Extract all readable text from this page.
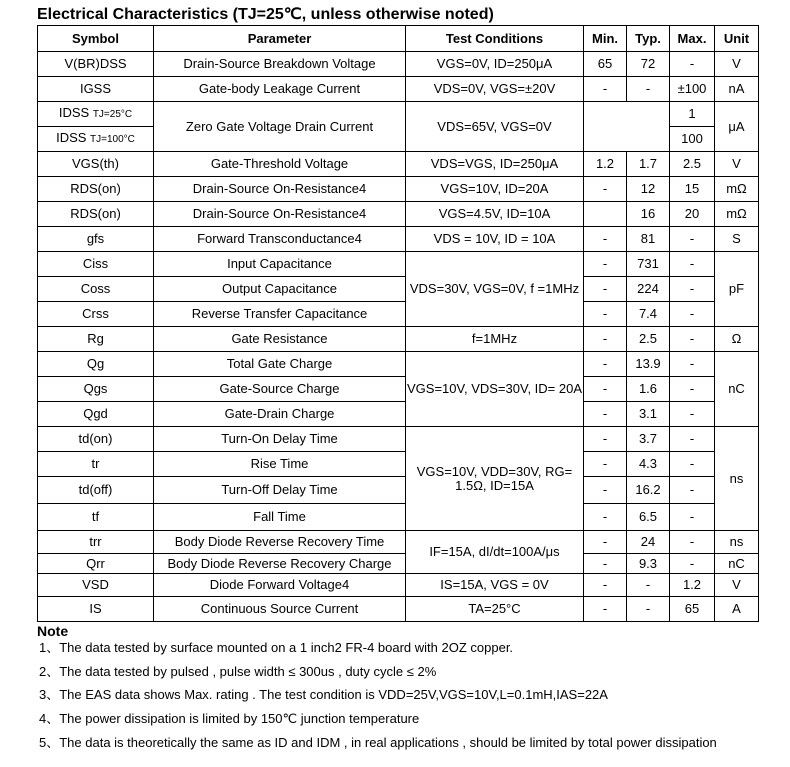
Electrical Characteristics (TJ=25℃, unless otherwise noted)
Symbol	Parameter	Test Conditions	Min.	Typ.	Max.	Unit
V(BR)DSS	Drain-Source Breakdown Voltage	VGS=0V, ID=250μA	65	72	-	V
IGSS	Gate-body Leakage Current	VDS=0V, VGS=±20V	-	-	±100	nA
IDSS TJ=25°C	Zero Gate Voltage Drain Current	VDS=65V, VGS=0V			1	μA
IDSS TJ=100°C					100	
VGS(th)	Gate-Threshold Voltage	VDS=VGS, ID=250μA	1.2	1.7	2.5	V
RDS(on)	Drain-Source On-Resistance4	VGS=10V, ID=20A	-	12	15	mΩ
RDS(on)	Drain-Source On-Resistance4	VGS=4.5V, ID=10A		16	20	mΩ
gfs	Forward Transconductance4	VDS = 10V, ID = 10A	-	81	-	S
Ciss	Input Capacitance	VDS=30V, VGS=0V, f =1MHz	-	731	-	pF
Coss	Output Capacitance		-	224	-	
Crss	Reverse Transfer Capacitance		-	7.4	-	
Rg	Gate Resistance	f=1MHz	-	2.5	-	Ω
Qg	Total Gate Charge	VGS=10V, VDS=30V, ID= 20A	-	13.9	-	nC
Qgs	Gate-Source Charge		-	1.6	-	
Qgd	Gate-Drain Charge		-	3.1	-	
td(on)	Turn-On Delay Time	VGS=10V, VDD=30V, RG= 1.5Ω, ID=15A	-	3.7	-	ns
tr	Rise Time		-	4.3	-	
td(off)	Turn-Off Delay Time		-	16.2	-	
tf	Fall Time		-	6.5	-	
trr	Body Diode Reverse Recovery Time	IF=15A, dI/dt=100A/μs	-	24	-	ns
Qrr	Body Diode Reverse Recovery Charge		-	9.3	-	nC
VSD	Diode Forward Voltage4	IS=15A, VGS = 0V	-	-	1.2	V
IS	Continuous Source Current	TA=25°C	-	-	65	A
Note
1、The data tested by surface mounted on a 1 inch2 FR-4 board with 2OZ copper.
2、The data tested by pulsed , pulse width ≤ 300us , duty cycle ≤ 2%
3、The EAS data shows Max. rating . The test condition is VDD=25V,VGS=10V,L=0.1mH,IAS=22A
4、The power dissipation is limited by 150℃ junction temperature
5、The data is theoretically the same as ID and IDM , in real applications , should be limited by total power dissipation
